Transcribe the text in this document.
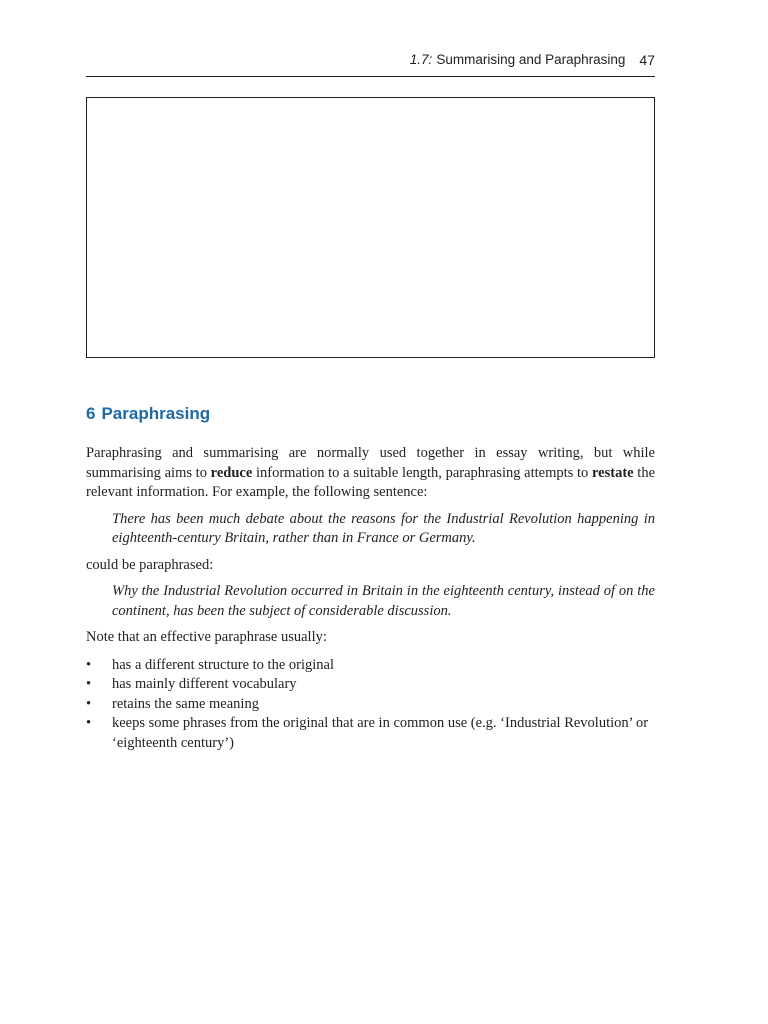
1.7: Summarising and Paraphrasing 47
6 Paraphrasing

Paraphrasing and summarising are normally used together in essay writing, but while summarising aims to reduce information to a suitable length, paraphrasing attempts to restate the relevant information. For example, the following sentence:

There has been much debate about the reasons for the Industrial Revolution happening in eighteenth-century Britain, rather than in France or Germany.

could be paraphrased:

Why the Industrial Revolution occurred in Britain in the eighteenth century, instead of on the continent, has been the subject of considerable discussion.

Note that an effective paraphrase usually:

• has a different structure to the original
• has mainly different vocabulary
• retains the same meaning
• keeps some phrases from the original that are in common use (e.g. ‘Industrial Revolution’ or ‘eighteenth century’)
